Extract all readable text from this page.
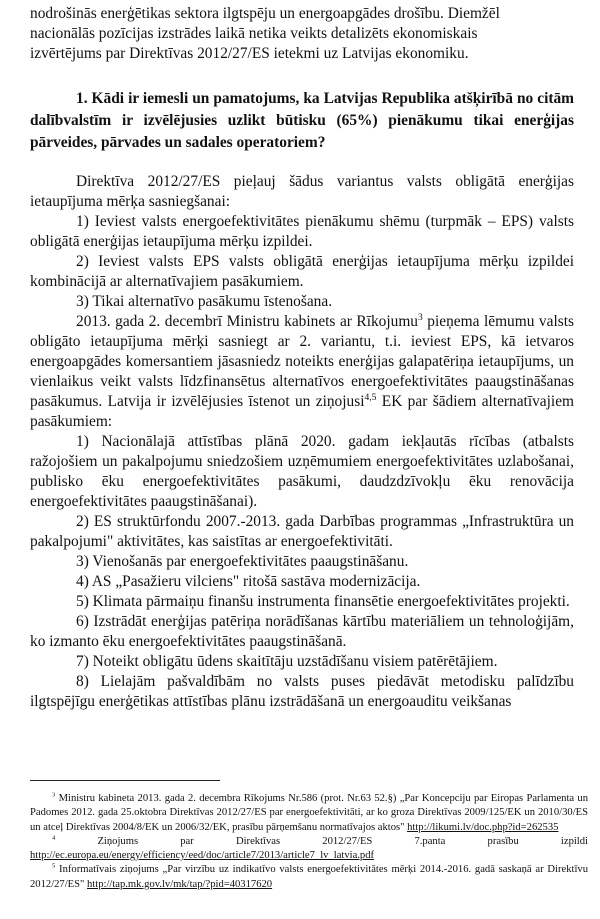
nodrošinās enerģētikas sektora ilgtspēju un energoapgādes drošību. Diemžēl
nacionālās pozīcijas izstrādes laikā netika veikts detalizēts ekonomiskais
izvērtējums par Direktīvas 2012/27/ES ietekmi uz Latvijas ekonomiku.
1. Kādi ir iemesli un pamatojums, ka Latvijas Republika atšķirībā no citām dalībvalstīm ir izvēlējusies uzlikt būtisku (65%) pienākumu tikai enerģijas pārveides, pārvades un sadales operatoriem?

Direktīva 2012/27/ES pieļauj šādus variantus valsts obligātā enerģijas ietaupījuma mērķa sasniegšanai:

1) Ieviest valsts energoefektivitātes pienākumu shēmu (turpmāk – EPS) valsts obligātā enerģijas ietaupījuma mērķu izpildei.

2) Ieviest valsts EPS valsts obligātā enerģijas ietaupījuma mērķu izpildei kombinācijā ar alternatīvajiem pasākumiem.

3) Tikai alternatīvo pasākumu īstenošana.

2013. gada 2. decembrī Ministru kabinets ar Rīkojumu$^3$ pieņema lēmumu valsts obligāto ietaupījuma mērķi sasniegt ar 2. variantu, t.i. ieviest EPS, kā ietvaros energoapgādes komersantiem jāsasniedz noteikts enerģijas galapatēriņa ietaupījums, un vienlaikus veikt valsts līdzfinansētus alternatīvos energoefektivitātes paaugstināšanas pasākumus. Latvija ir izvēlējusies īstenot un ziņojusi$^{4,5}$ EK par šādiem alternatīvajiem pasākumiem:

1) Nacionālajā attīstības plānā 2020. gadam iekļautās rīcības (atbalsts ražojošiem un pakalpojumu sniedzošiem uzņēmumiem energoefektivitātes uzlabošanai, publisko ēku energoefektivitātes pasākumi, daudzdzīvokļu ēku renovācija energoefektivitātes paaugstināšanai).

2) ES struktūrfondu 2007.-2013. gada Darbības programmas „Infrastruktūra un pakalpojumi" aktivitātes, kas saistītas ar energoefektivitāti.

3) Vienošanās par energoefektivitātes paaugstināšanu.

4) AS „Pasažieru vilciens" ritošā sastāva modernizācija.

5) Klimata pārmaiņu finanšu instrumenta finansētie energoefektivitātes projekti.

6) Izstrādāt enerģijas patēriņa norādīšanas kārtību materiāliem un tehnoloģijām, ko izmanto ēku energoefektivitātes paaugstināšanā.

7) Noteikt obligātu ūdens skaitītāju uzstādīšanu visiem patērētājiem.

8) Lielajām pašvaldībām no valsts puses piedāvāt metodisku palīdzību ilgtspējīgu enerģētikas attīstības plānu izstrādāšanā un energoauditu veikšanas

$^3$ Ministru kabineta 2013. gada 2. decembra Rīkojums Nr.586 (prot. Nr.63 52.§) „Par Koncepciju par Eiropas Parlamenta un Padomes 2012. gada 25.oktobra Direktīvas 2012/27/ES par energoefektivitāti, ar ko groza Direktīvas 2009/125/EK un 2010/30/ES un atceļ Direktīvas 2004/8/EK un 2006/32/EK, prasību pārņemšanu normatīvajos aktos" http://likumi.lv/doc.php?id=262535

$^4$ Ziņojums par Direktīvas 2012/27/ES 7.panta prasību izpildi http://ec.europa.eu/energy/efficiency/eed/doc/article7/2013/article7_lv_latvia.pdf

$^5$ Informatīvais ziņojums „Par virzību uz indikatīvo valsts energoefektivitātes mērķi 2014.-2016. gadā saskaņā ar Direktīvu 2012/27/ES" http://tap.mk.gov.lv/mk/tap/?pid=40317620
